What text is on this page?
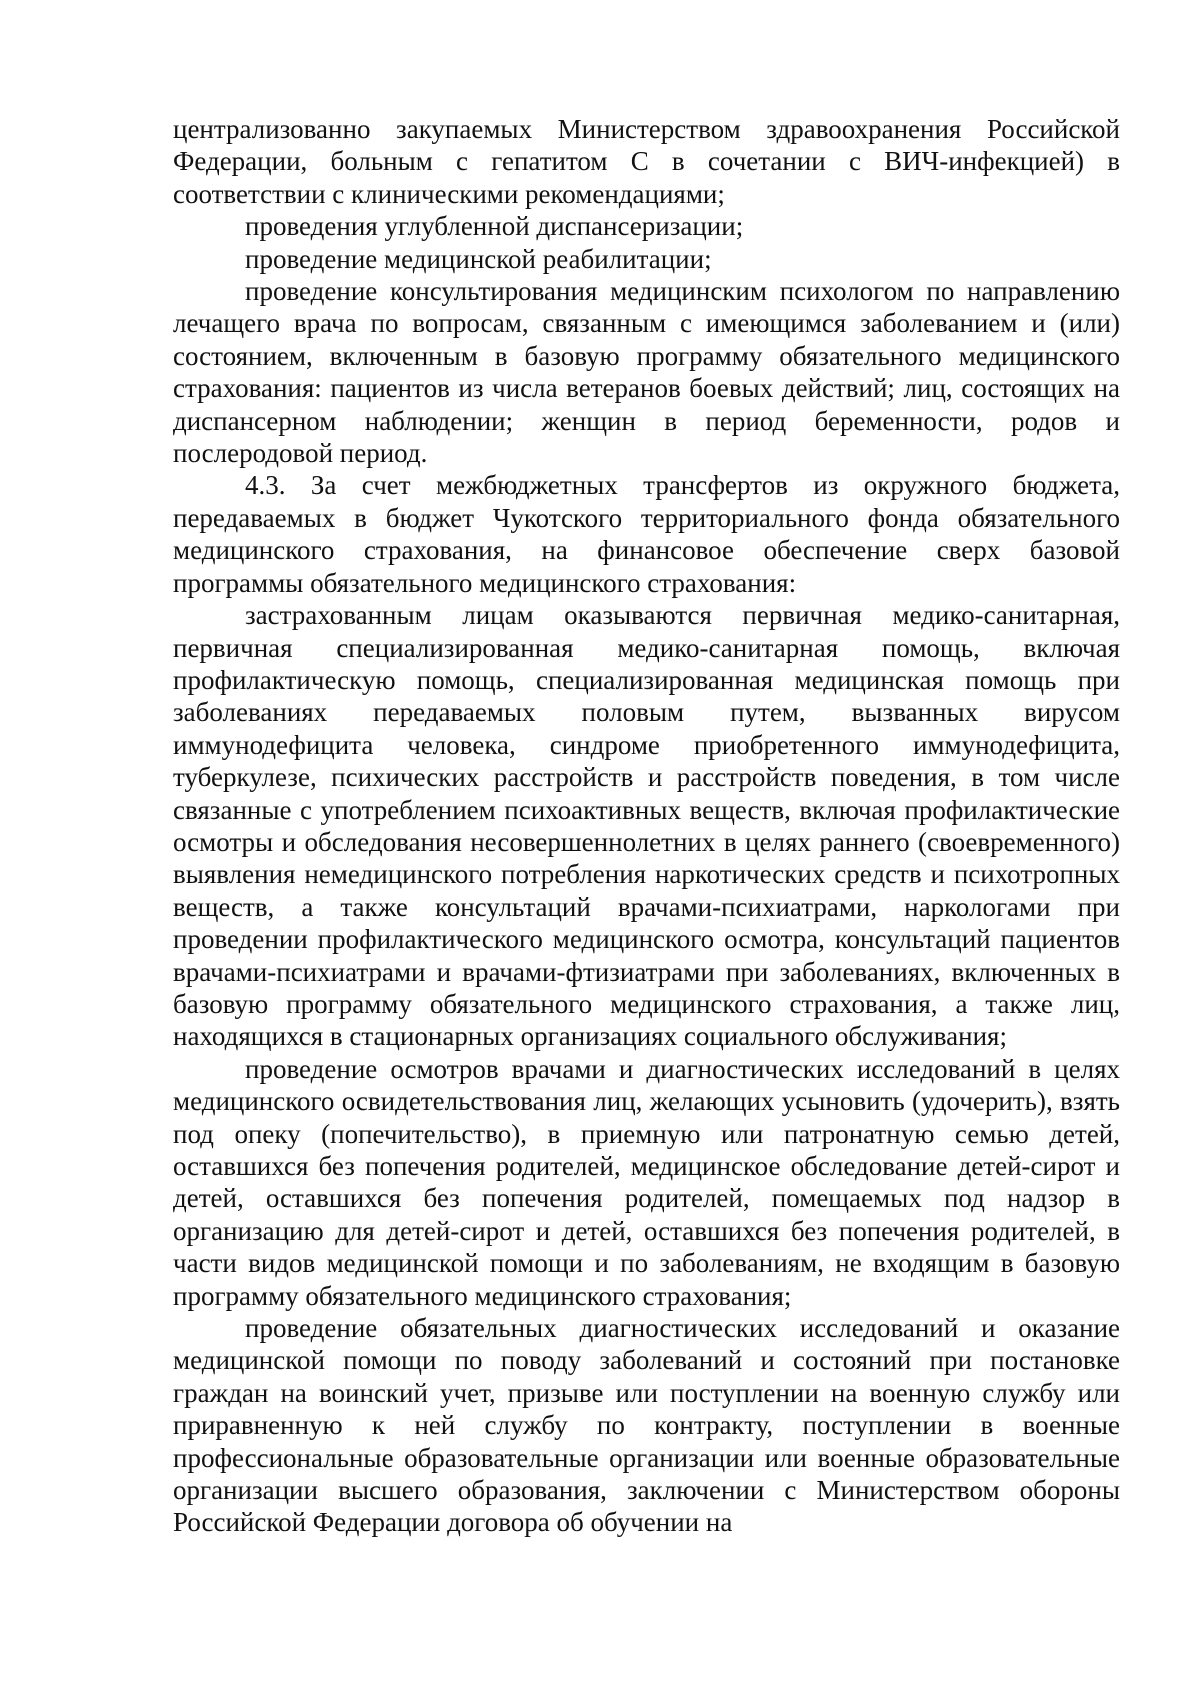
централизованно закупаемых Министерством здравоохранения Российской Федерации, больным с гепатитом С в сочетании с ВИЧ-инфекцией) в соответствии с клиническими рекомендациями;

проведения углубленной диспансеризации;

проведение медицинской реабилитации;

проведение консультирования медицинским психологом по направлению лечащего врача по вопросам, связанным с имеющимся заболеванием и (или) состоянием, включенным в базовую программу обязательного медицинского страхования: пациентов из числа ветеранов боевых действий; лиц, состоящих на диспансерном наблюдении; женщин в период беременности, родов и послеродовой период.

4.3. За счет межбюджетных трансфертов из окружного бюджета, передаваемых в бюджет Чукотского территориального фонда обязательного медицинского страхования, на финансовое обеспечение сверх базовой программы обязательного медицинского страхования:

застрахованным лицам оказываются первичная медико-санитарная, первичная специализированная медико-санитарная помощь, включая профилактическую помощь, специализированная медицинская помощь при заболеваниях передаваемых половым путем, вызванных вирусом иммунодефицита человека, синдроме приобретенного иммунодефицита, туберкулезе, психических расстройств и расстройств поведения, в том числе связанные с употреблением психоактивных веществ, включая профилактические осмотры и обследования несовершеннолетних в целях раннего (своевременного) выявления немедицинского потребления наркотических средств и психотропных веществ, а также консультаций врачами-психиатрами, наркологами при проведении профилактического медицинского осмотра, консультаций пациентов врачами-психиатрами и врачами-фтизиатрами при заболеваниях, включенных в базовую программу обязательного медицинского страхования, а также лиц, находящихся в стационарных организациях социального обслуживания;

проведение осмотров врачами и диагностических исследований в целях медицинского освидетельствования лиц, желающих усыновить (удочерить), взять под опеку (попечительство), в приемную или патронатную семью детей, оставшихся без попечения родителей, медицинское обследование детей-сирот и детей, оставшихся без попечения родителей, помещаемых под надзор в организацию для детей-сирот и детей, оставшихся без попечения родителей, в части видов медицинской помощи и по заболеваниям, не входящим в базовую программу обязательного медицинского страхования;

проведение обязательных диагностических исследований и оказание медицинской помощи по поводу заболеваний и состояний при постановке граждан на воинский учет, призыве или поступлении на военную службу или приравненную к ней службу по контракту, поступлении в военные профессиональные образовательные организации или военные образовательные организации высшего образования, заключении с Министерством обороны Российской Федерации договора об обучении на
